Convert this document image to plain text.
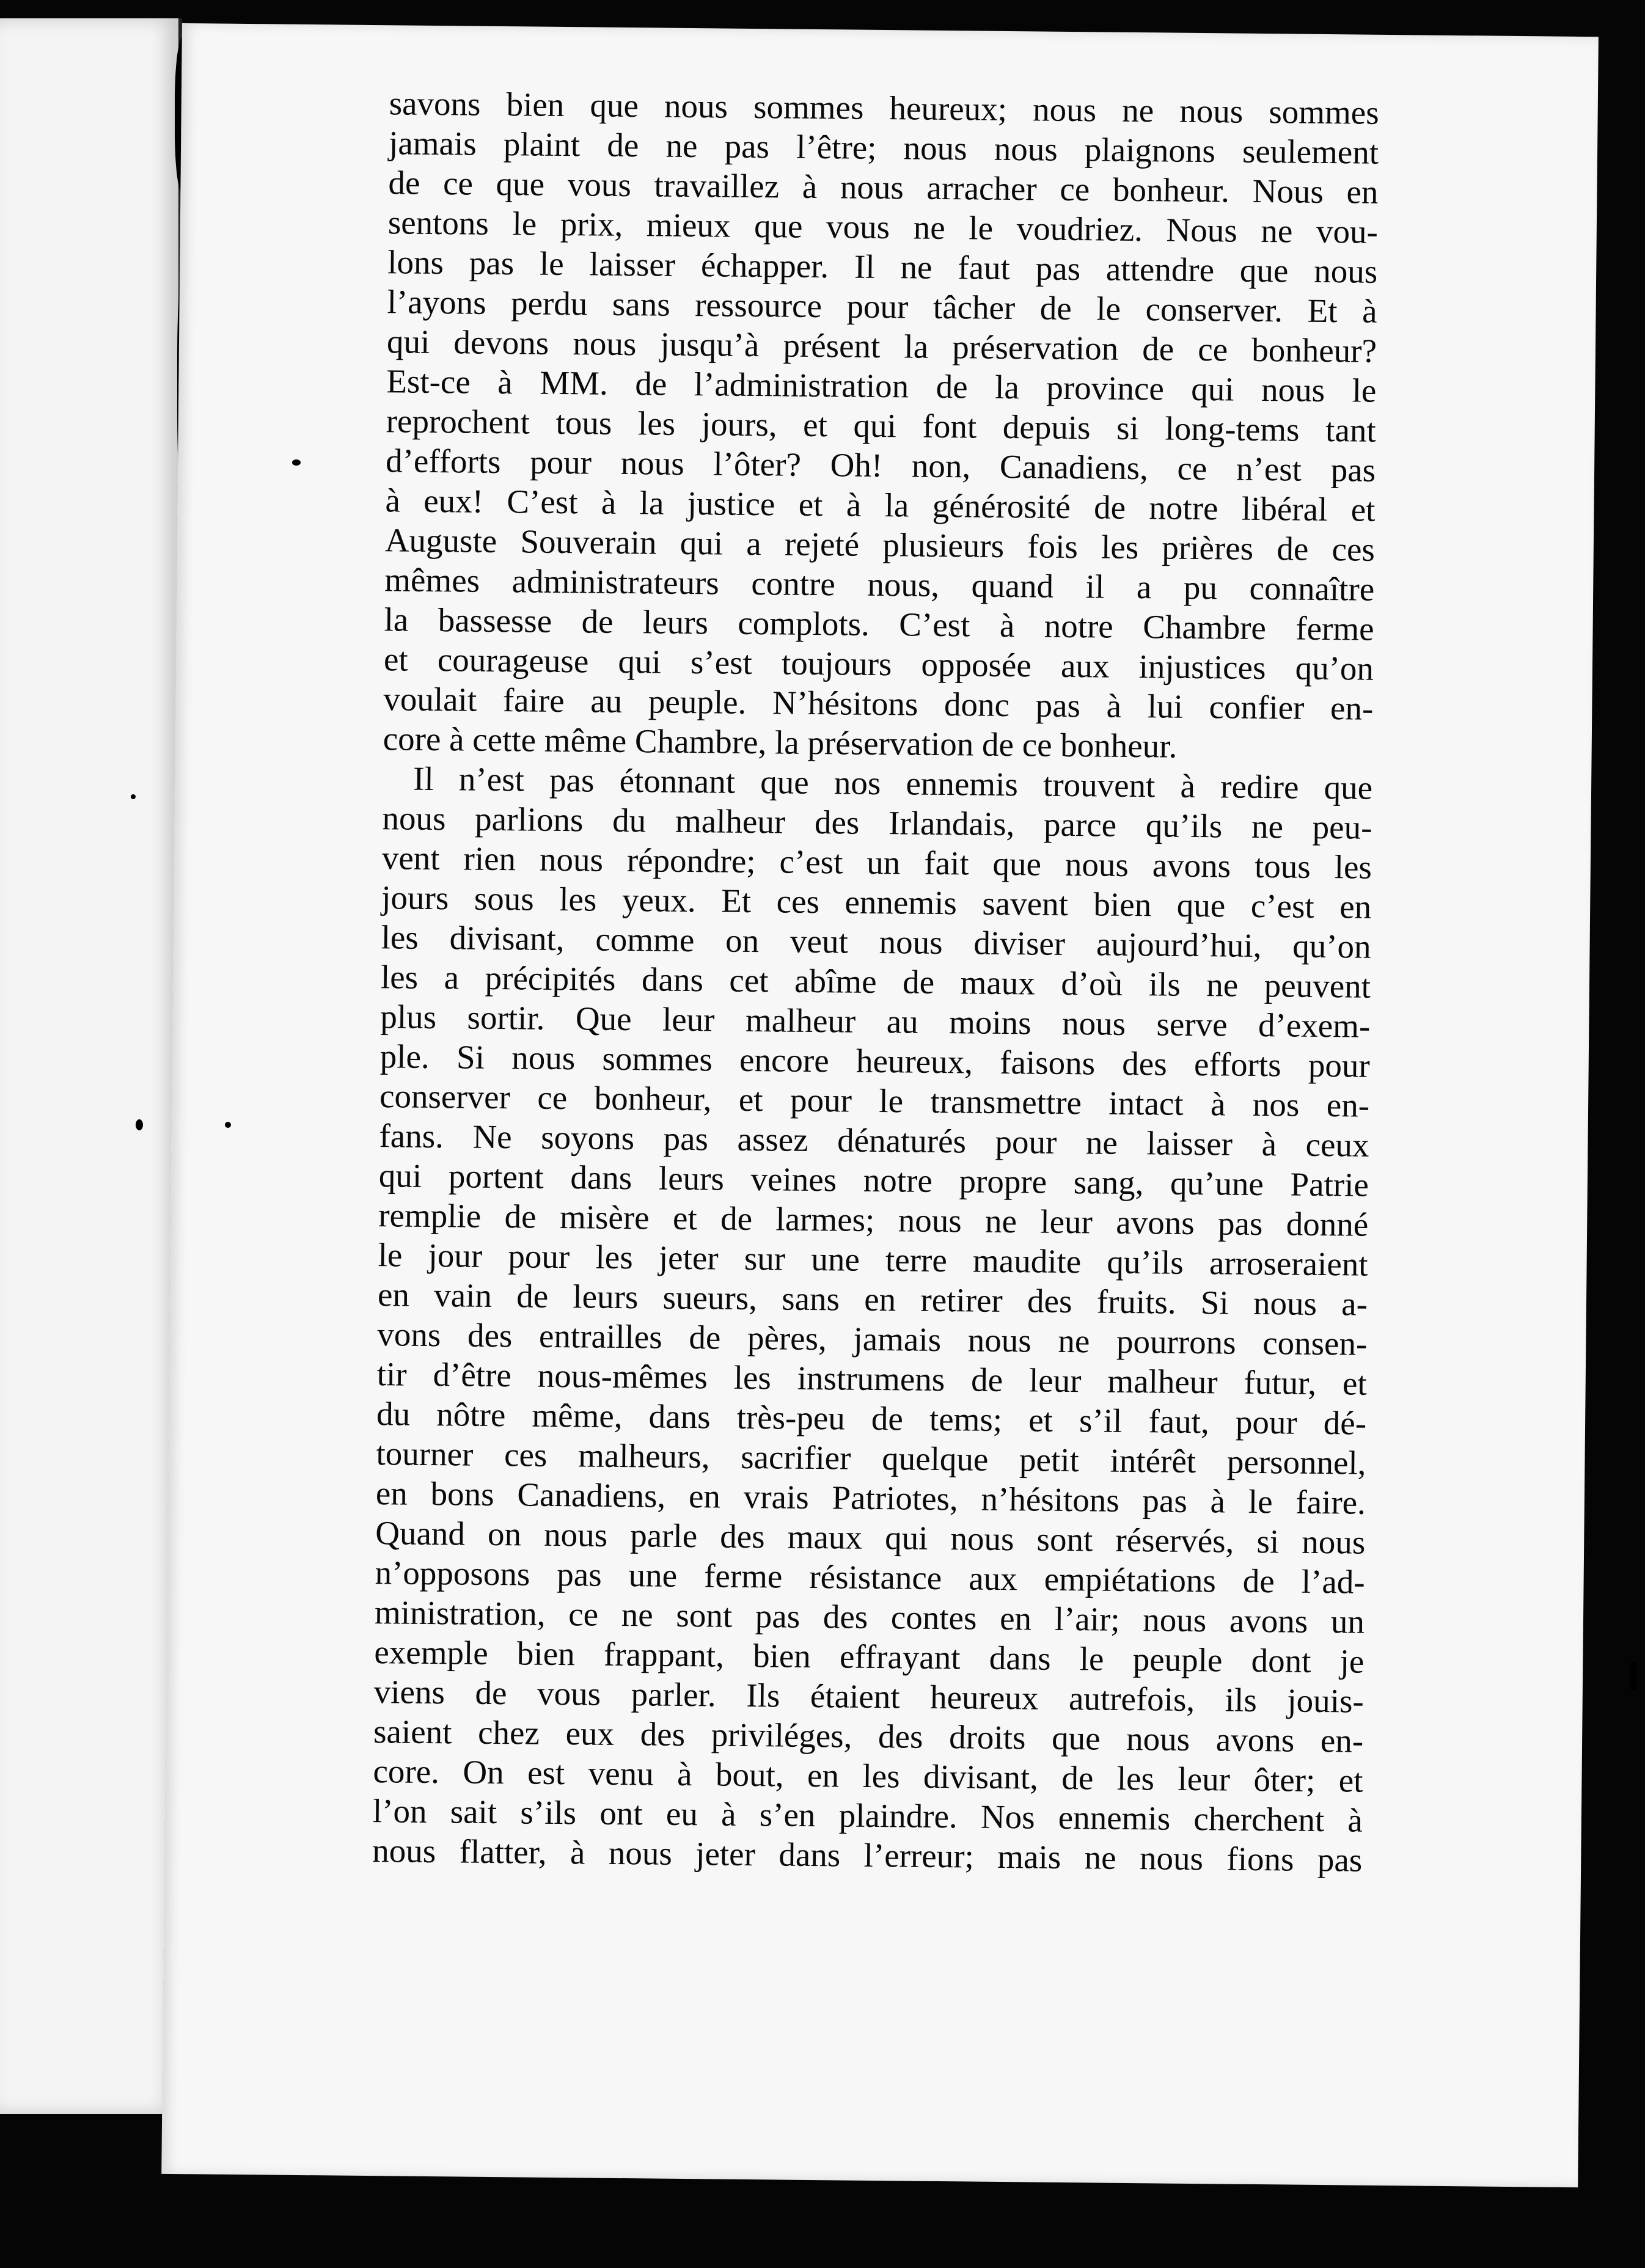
savons bien que nous sommes heureux; nous ne nous sommes
jamais plaint de ne pas l’être; nous nous plaignons seulement
de ce que vous travaillez à nous arracher ce bonheur. Nous en
sentons le prix, mieux que vous ne le voudriez. Nous ne vou-
lons pas le laisser échapper. Il ne faut pas attendre que nous
l’ayons perdu sans ressource pour tâcher de le conserver. Et à
qui devons nous jusqu’à présent la préservation de ce bonheur?
Est-ce à MM. de l’administration de la province qui nous le
reprochent tous les jours, et qui font depuis si long-tems tant
d’efforts pour nous l’ôter? Oh! non, Canadiens, ce n’est pas
à eux! C’est à la justice et à la générosité de notre libéral et
Auguste Souverain qui a rejeté plusieurs fois les prières de ces
mêmes administrateurs contre nous, quand il a pu connaître
la bassesse de leurs complots. C’est à notre Chambre ferme
et courageuse qui s’est toujours opposée aux injustices qu’on
voulait faire au peuple. N’hésitons donc pas à lui confier en-
core à cette même Chambre, la préservation de ce bonheur.
Il n’est pas étonnant que nos ennemis trouvent à redire que
nous parlions du malheur des Irlandais, parce qu’ils ne peu-
vent rien nous répondre; c’est un fait que nous avons tous les
jours sous les yeux. Et ces ennemis savent bien que c’est en
les divisant, comme on veut nous diviser aujourd’hui, qu’on
les a précipités dans cet abîme de maux d’où ils ne peuvent
plus sortir. Que leur malheur au moins nous serve d’exem-
ple. Si nous sommes encore heureux, faisons des efforts pour
conserver ce bonheur, et pour le transmettre intact à nos en-
fans. Ne soyons pas assez dénaturés pour ne laisser à ceux
qui portent dans leurs veines notre propre sang, qu’une Patrie
remplie de misère et de larmes; nous ne leur avons pas donné
le jour pour les jeter sur une terre maudite qu’ils arroseraient
en vain de leurs sueurs, sans en retirer des fruits. Si nous a-
vons des entrailles de pères, jamais nous ne pourrons consen-
tir d’être nous-mêmes les instrumens de leur malheur futur, et
du nôtre même, dans très-peu de tems; et s’il faut, pour dé-
tourner ces malheurs, sacrifier quelque petit intérêt personnel,
en bons Canadiens, en vrais Patriotes, n’hésitons pas à le faire.
Quand on nous parle des maux qui nous sont réservés, si nous
n’opposons pas une ferme résistance aux empiétations de l’ad-
ministration, ce ne sont pas des contes en l’air; nous avons un
exemple bien frappant, bien effrayant dans le peuple dont je
viens de vous parler. Ils étaient heureux autrefois, ils jouis-
saient chez eux des priviléges, des droits que nous avons en-
core. On est venu à bout, en les divisant, de les leur ôter; et
l’on sait s’ils ont eu à s’en plaindre. Nos ennemis cherchent à
nous flatter, à nous jeter dans l’erreur; mais ne nous fions pas
